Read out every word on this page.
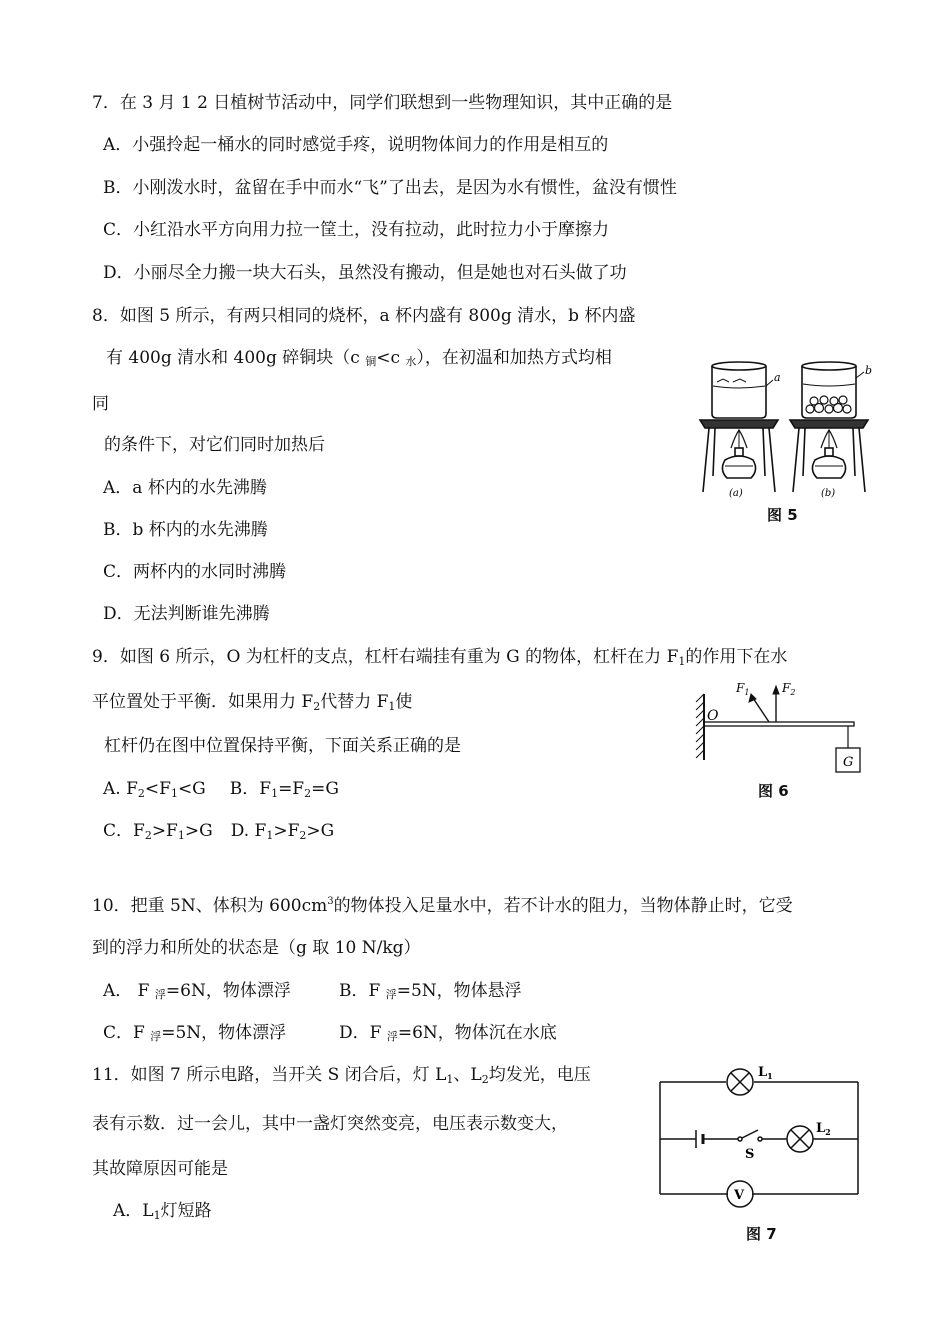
7．在 3 月 1 2 日植树节活动中，同学们联想到一些物理知识，其中正确的是
A．小强拎起一桶水的同时感觉手疼，说明物体间力的作用是相互的
B．小刚泼水时，盆留在手中而水“飞”了出去，是因为水有惯性，盆没有惯性
C．小红沿水平方向用力拉一筐土，没有拉动，此时拉力小于摩擦力
D．小丽尽全力搬一块大石头，虽然没有搬动，但是她也对石头做了功
8．如图 5 所示，有两只相同的烧杯，a 杯内盛有 800g 清水，b 杯内盛
有 400g 清水和 400g 碎铜块（c 铜<c 水），在初温和加热方式均相
同
的条件下，对它们同时加热后
A．a 杯内的水先沸腾
B．b 杯内的水先沸腾
C．两杯内的水同时沸腾
D．无法判断谁先沸腾
a
b
(a)	(b)
图 5
9．如图 6 所示，O 为杠杆的支点，杠杆右端挂有重为 G 的物体，杠杆在力 $F_1$的作用下在水
平位置处于平衡．如果用力 $F_2$代替力 $F_1$使
杠杆仍在图中位置保持平衡，下面关系正确的是
A. $F_2<F_1<G$ B．$F_1=F_2=G$
C．$F_2>F_1>G$ D. $F_1>F_2>G$
O
$F_1$	$F_2$
G
图 6
10．把重 5N、体积为 $600cm^3$的物体投入足量水中，若不计水的阻力，当物体静止时，它受
到的浮力和所处的状态是（g 取 10 N/kg）
A． F 浮=6N，物体漂浮	B．F 浮=5N，物体悬浮
C．F 浮=5N，物体漂浮	D．F 浮=6N，物体沉在水底
11．如图 7 所示电路，当开关 S 闭合后，灯 $L_1$、$L_2$均发光，电压
表有示数．过一会儿，其中一盏灯突然变亮，电压表示数变大，
其故障原因可能是
A．$L_1$灯短路
$L_1$
$L_2$
S
V
图 7
